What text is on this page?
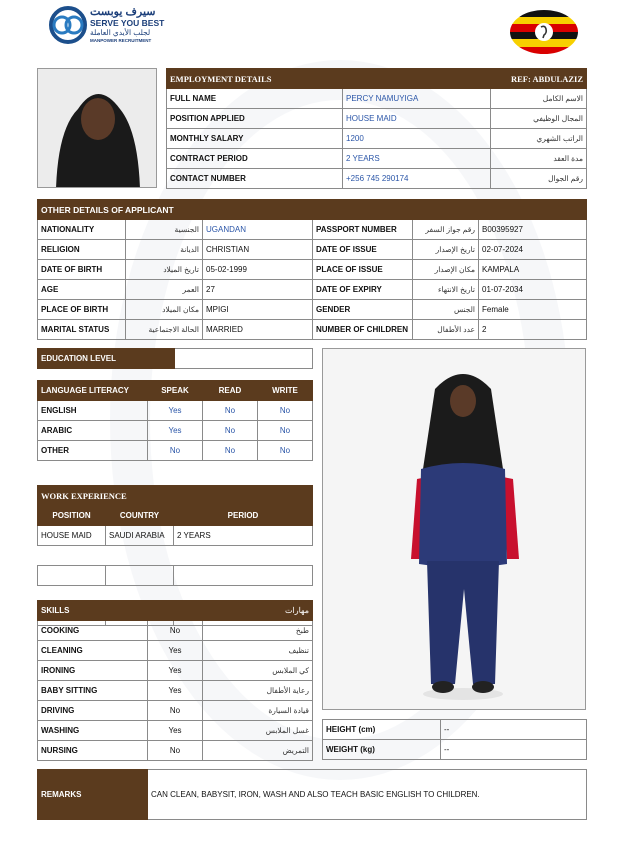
سيرف يوبست
SERVE YOU BEST
لجلب الأيدي العاملة
MANPOWER RECRUITMENT
EMPLOYMENT DETAILS		REF: ABDULAZIZ
FULL NAME	PERCY NAMUYIGA	الاسم الكامل
POSITION APPLIED	HOUSE MAID	المجال الوظيفي
MONTHLY SALARY	1200	الراتب الشهري
CONTRACT PERIOD	2 YEARS	مدة العقد
CONTACT NUMBER	+256 745 290174	رقم الجوال
OTHER DETAILS OF APPLICANT					
NATIONALITY	الجنسية	UGANDAN	PASSPORT NUMBER	رقم جواز السفر	B00395927
RELIGION	الديانة	CHRISTIAN	DATE OF ISSUE	تاريخ الإصدار	02-07-2024
DATE OF BIRTH	تاريخ الميلاد	05-02-1999	PLACE OF ISSUE	مكان الإصدار	KAMPALA
AGE	العمر	27	DATE OF EXPIRY	تاريخ الانتهاء	01-07-2034
PLACE OF BIRTH	مكان الميلاد	MPIGI	GENDER	الجنس	Female
MARITAL STATUS	الحالة الاجتماعية	MARRIED	NUMBER OF CHILDREN	عدد الأطفال	2
EDUCATION LEVEL	
LANGUAGE LITERACY	SPEAK	READ	WRITE
ENGLISH	Yes	No	No
ARABIC	Yes	No	No
OTHER	No	No	No
WORK EXPERIENCE		
POSITION	COUNTRY	PERIOD
HOUSE MAID	SAUDI ARABIA	2 YEARS

SKILLS		مهارات
COOKING	No	طبخ
CLEANING	Yes	تنظيف
IRONING	Yes	كي الملابس
BABY SITTING	Yes	رعاية الأطفال
DRIVING	No	قيادة السيارة
WASHING	Yes	غسل الملابس
NURSING	No	التمريض
HEIGHT (cm)	--
WEIGHT (kg)	--
REMARKS	CAN CLEAN, BABYSIT, IRON, WASH AND ALSO TEACH BASIC ENGLISH TO CHILDREN.
